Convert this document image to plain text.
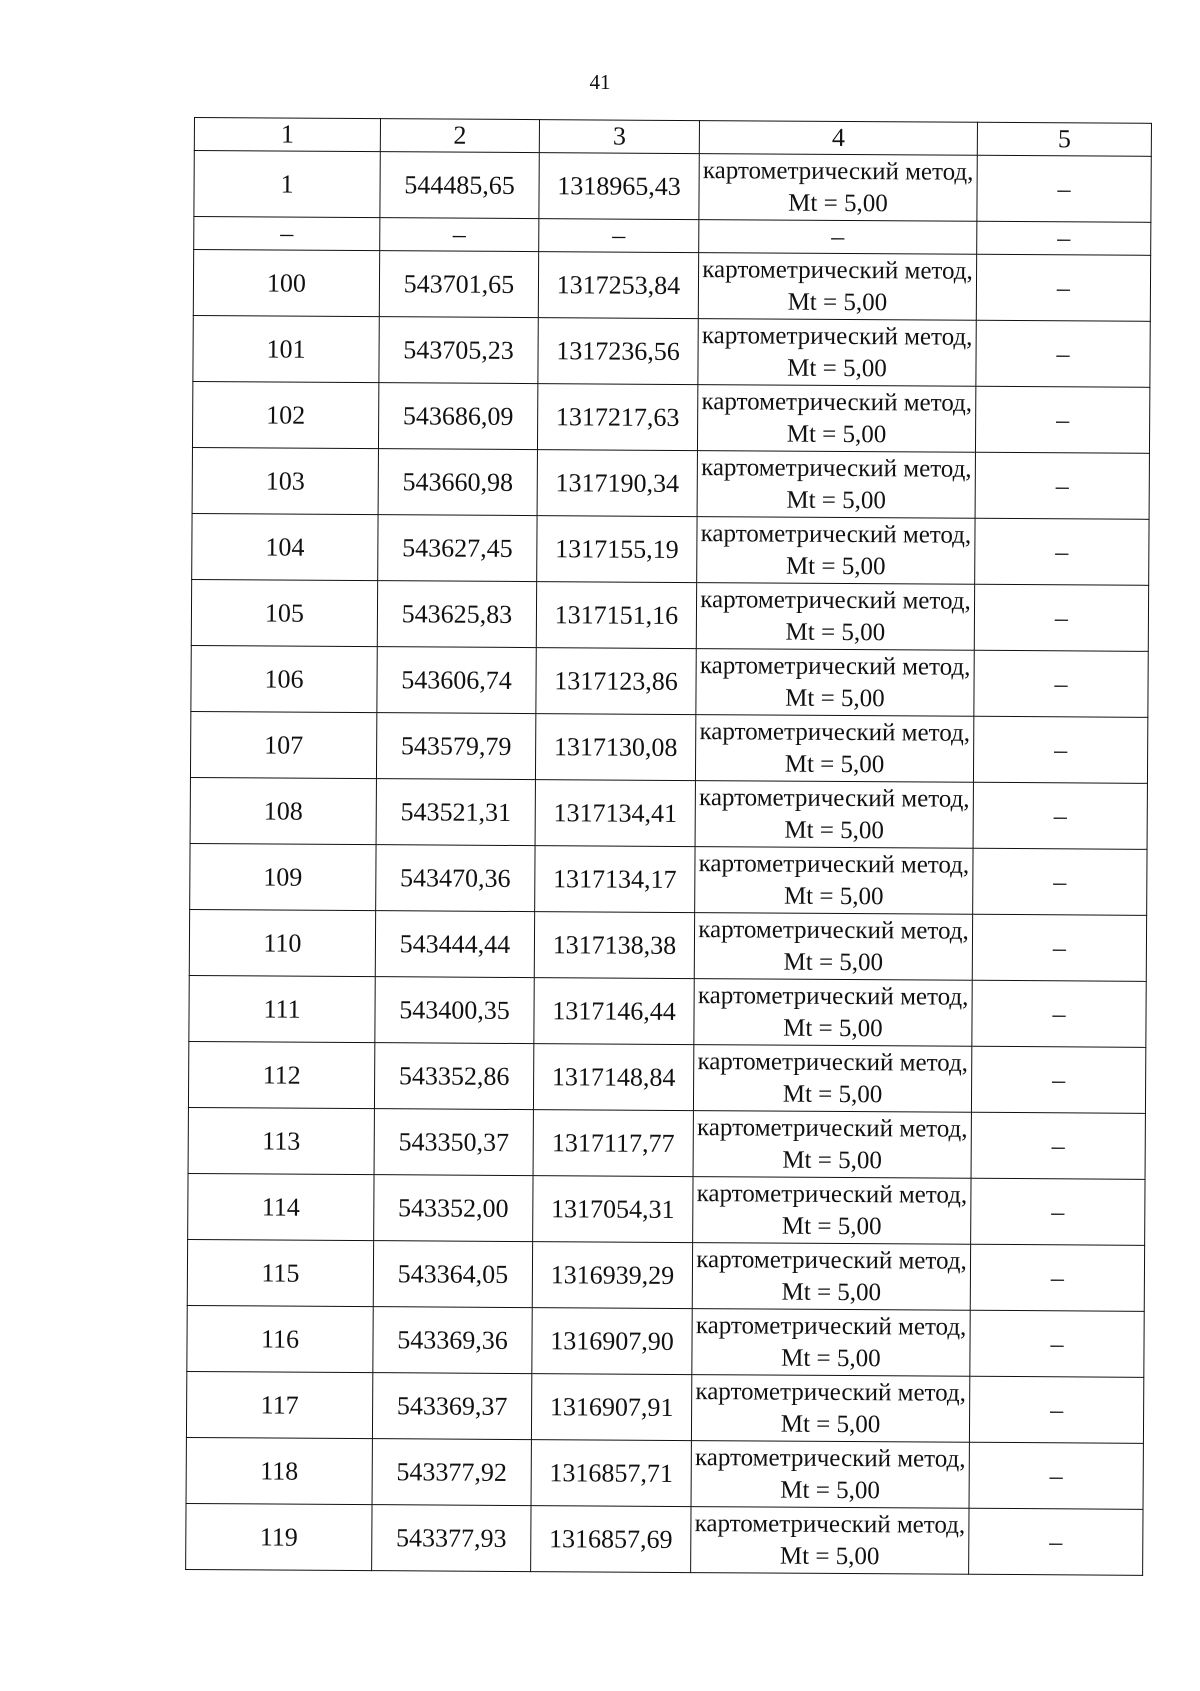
41
1	2	3	4	5
1	544485,65	1318965,43	картометрический метод, Mt = 5,00	–
–	–	–	–	–
100	543701,65	1317253,84	картометрический метод, Mt = 5,00	–
101	543705,23	1317236,56	картометрический метод, Mt = 5,00	–
102	543686,09	1317217,63	картометрический метод, Mt = 5,00	–
103	543660,98	1317190,34	картометрический метод, Mt = 5,00	–
104	543627,45	1317155,19	картометрический метод, Mt = 5,00	–
105	543625,83	1317151,16	картометрический метод, Mt = 5,00	–
106	543606,74	1317123,86	картометрический метод, Mt = 5,00	–
107	543579,79	1317130,08	картометрический метод, Mt = 5,00	–
108	543521,31	1317134,41	картометрический метод, Mt = 5,00	–
109	543470,36	1317134,17	картометрический метод, Mt = 5,00	–
110	543444,44	1317138,38	картометрический метод, Mt = 5,00	–
111	543400,35	1317146,44	картометрический метод, Mt = 5,00	–
112	543352,86	1317148,84	картометрический метод, Mt = 5,00	–
113	543350,37	1317117,77	картометрический метод, Mt = 5,00	–
114	543352,00	1317054,31	картометрический метод, Mt = 5,00	–
115	543364,05	1316939,29	картометрический метод, Mt = 5,00	–
116	543369,36	1316907,90	картометрический метод, Mt = 5,00	–
117	543369,37	1316907,91	картометрический метод, Mt = 5,00	–
118	543377,92	1316857,71	картометрический метод, Mt = 5,00	–
119	543377,93	1316857,69	картометрический метод, Mt = 5,00	–
